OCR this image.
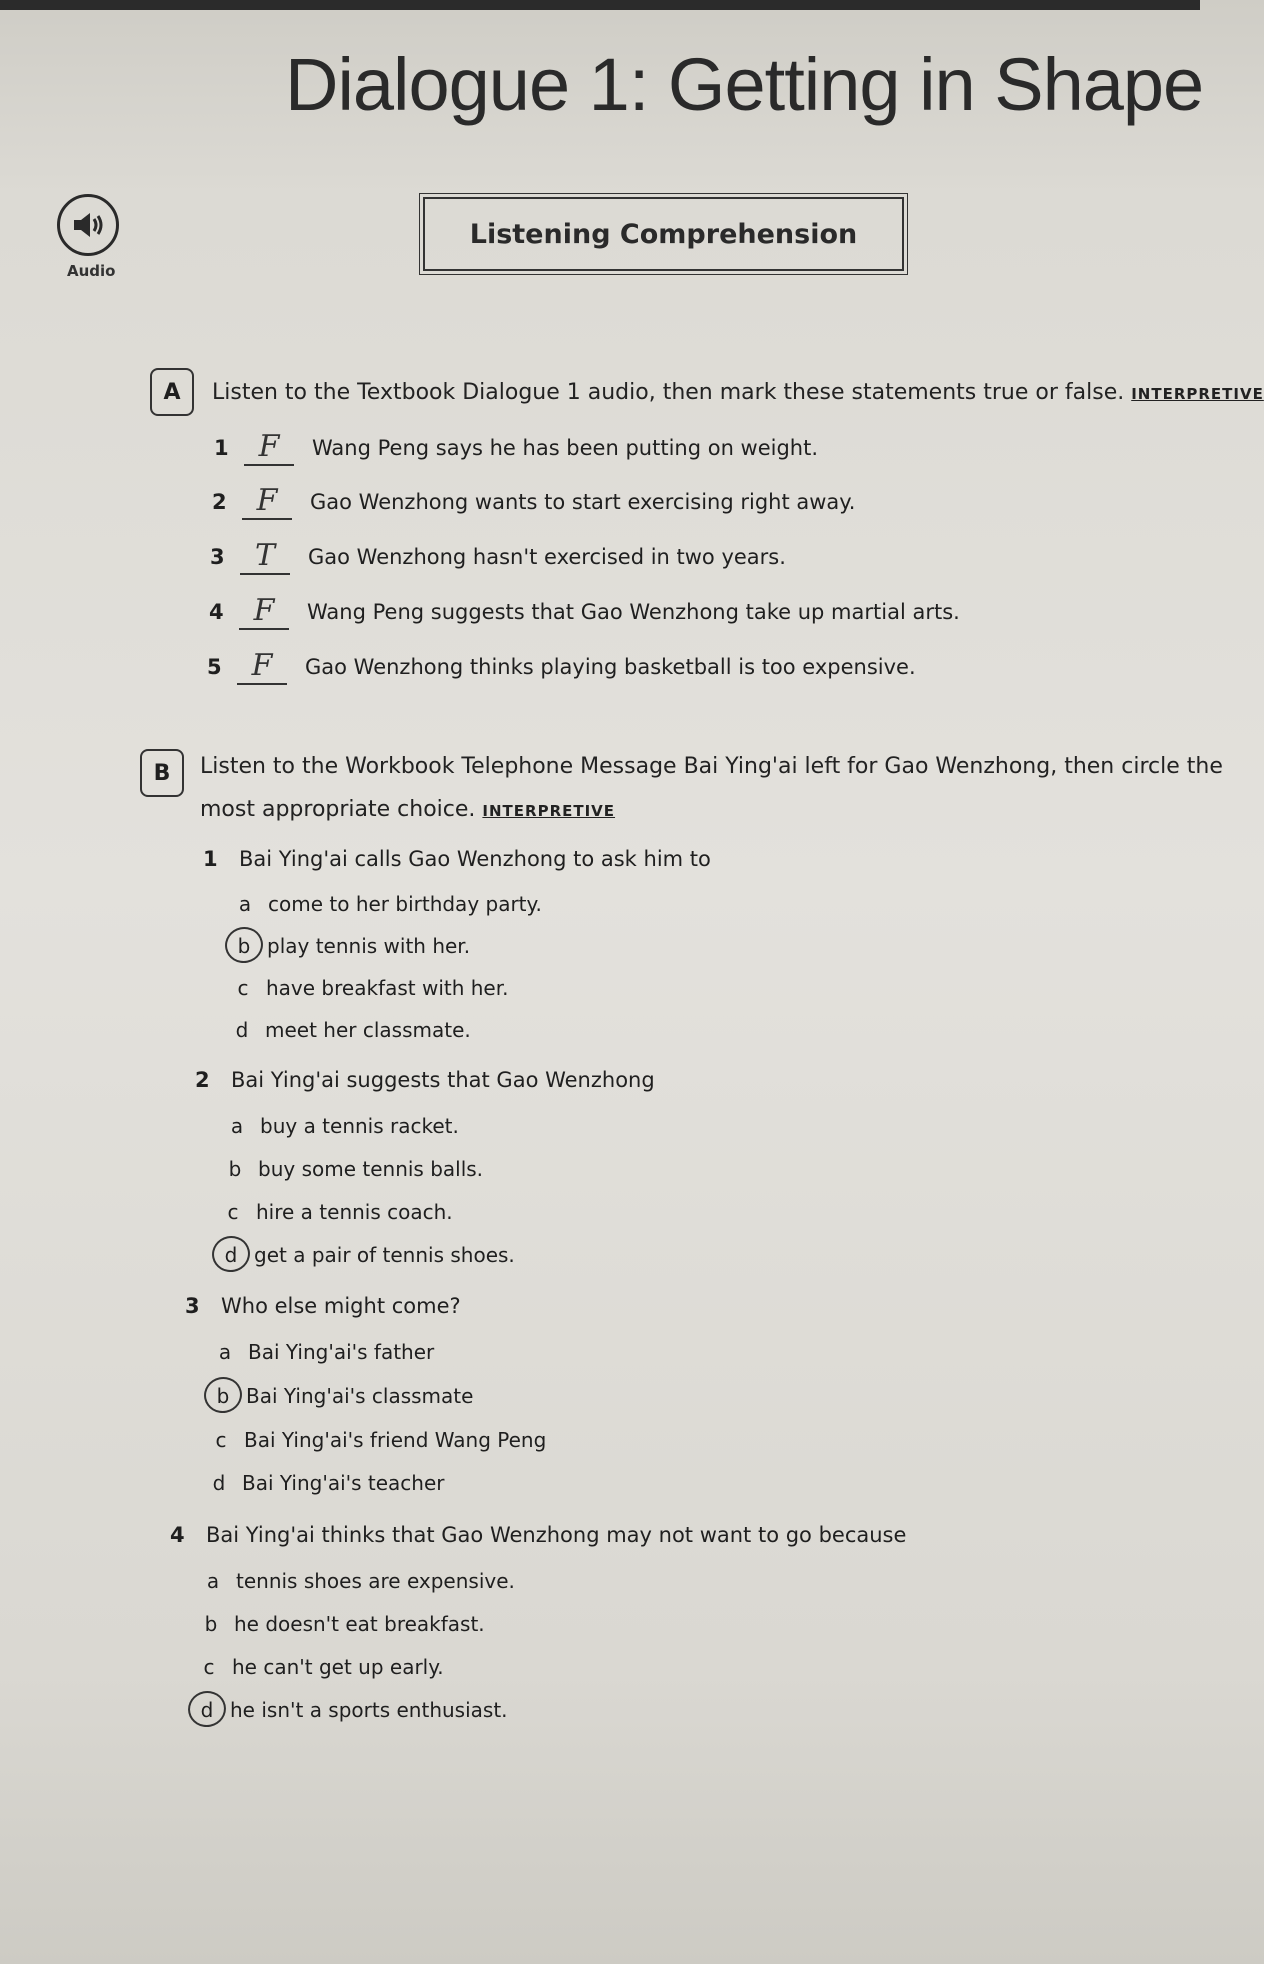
Dialogue 1: Getting in Shape
Audio
Listening Comprehension
A	Listen to the Textbook Dialogue 1 audio, then mark these statements true or false. INTERPRETIVE
1 F	Wang Peng says he has been putting on weight.
2 F	Gao Wenzhong wants to start exercising right away.
3	T	Gao Wenzhong hasn't exercised in two years.
4 F	Wang Peng suggests that Gao Wenzhong take up martial arts.
5 F	Gao Wenzhong thinks playing basketball is too expensive.
B	Listen to the Workbook Telephone Message Bai Ying'ai left for Gao Wenzhong, then circle the
most appropriate choice. INTERPRETIVE
1	Bai Ying'ai calls Gao Wenzhong to ask him to
a come to her birthday party.
b play tennis with her.
c have breakfast with her.
d meet her classmate.
2	Bai Ying'ai suggests that Gao Wenzhong
a buy a tennis racket.
b buy some tennis balls.
c hire a tennis coach.
d get a pair of tennis shoes.
3	Who else might come?
a Bai Ying'ai's father
b Bai Ying'ai's classmate
c Bai Ying'ai's friend Wang Peng
d Bai Ying'ai's teacher
4	Bai Ying'ai thinks that Gao Wenzhong may not want to go because
a tennis shoes are expensive.
b he doesn't eat breakfast.
c he can't get up early.
d he isn't a sports enthusiast.
